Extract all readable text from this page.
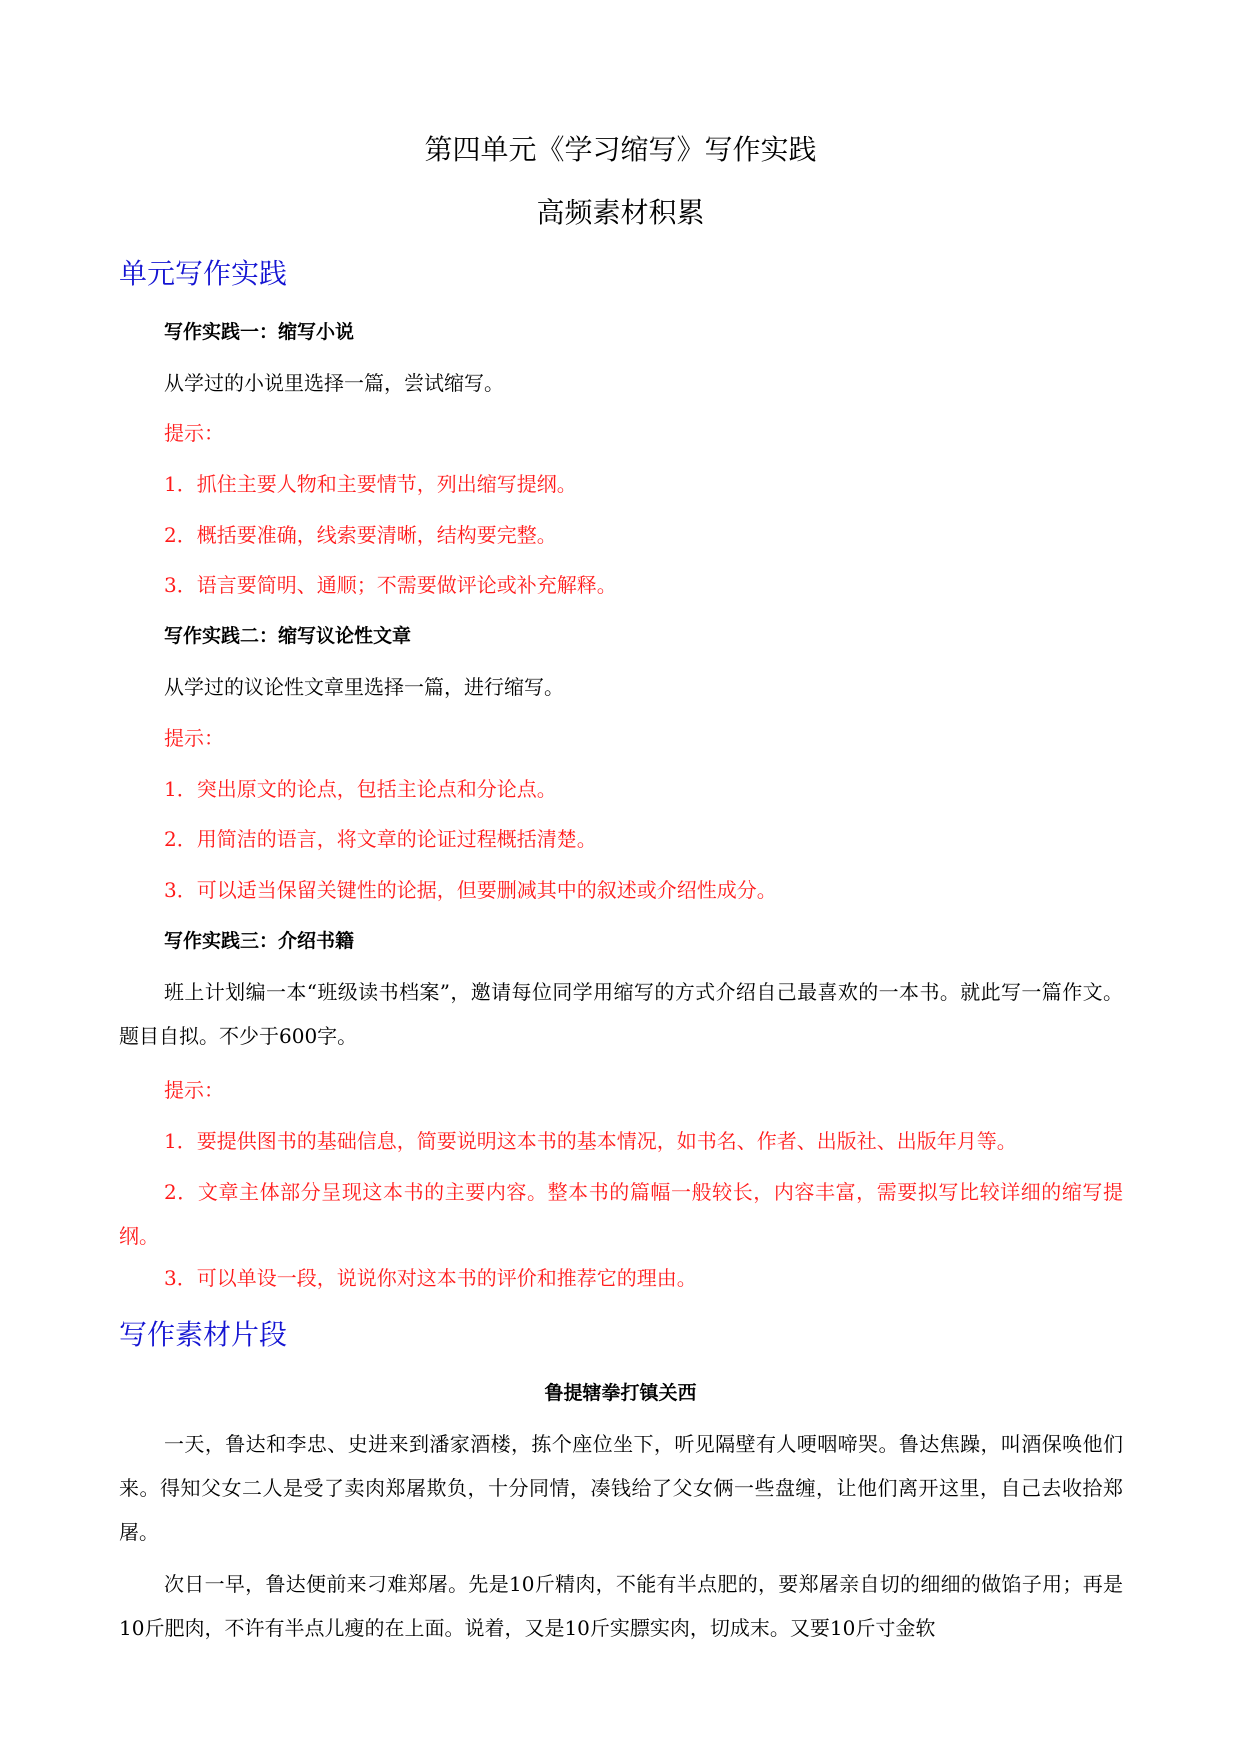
第四单元《学习缩写》写作实践
高频素材积累
单元写作实践
写作实践一：缩写小说
从学过的小说里选择一篇，尝试缩写。
提示：
1．抓住主要人物和主要情节，列出缩写提纲。
2．概括要准确，线索要清晰，结构要完整。
3．语言要简明、通顺；不需要做评论或补充解释。
写作实践二：缩写议论性文章
从学过的议论性文章里选择一篇，进行缩写。
提示：
1．突出原文的论点，包括主论点和分论点。
2．用简洁的语言，将文章的论证过程概括清楚。
3．可以适当保留关键性的论据，但要删减其中的叙述或介绍性成分。
写作实践三：介绍书籍
班上计划编一本“班级读书档案”，邀请每位同学用缩写的方式介绍自己最喜欢的一本书。就此写一篇作文。题目自拟。不少于600字。
提示：
1．要提供图书的基础信息，简要说明这本书的基本情况，如书名、作者、出版社、出版年月等。
2．文章主体部分呈现这本书的主要内容。整本书的篇幅一般较长，内容丰富，需要拟写比较详细的缩写提纲。
3．可以单设一段，说说你对这本书的评价和推荐它的理由。
写作素材片段
鲁提辖拳打镇关西
一天，鲁达和李忠、史进来到潘家酒楼，拣个座位坐下，听见隔壁有人哽咽啼哭。鲁达焦躁，叫酒保唤他们来。得知父女二人是受了卖肉郑屠欺负，十分同情，凑钱给了父女俩一些盘缠，让他们离开这里，自己去收拾郑屠。
次日一早，鲁达便前来刁难郑屠。先是10斤精肉，不能有半点肥的，要郑屠亲自切的细细的做馅子用；再是10斤肥肉，不许有半点儿瘦的在上面。说着，又是10斤实膘实肉，切成末。又要10斤寸金软
